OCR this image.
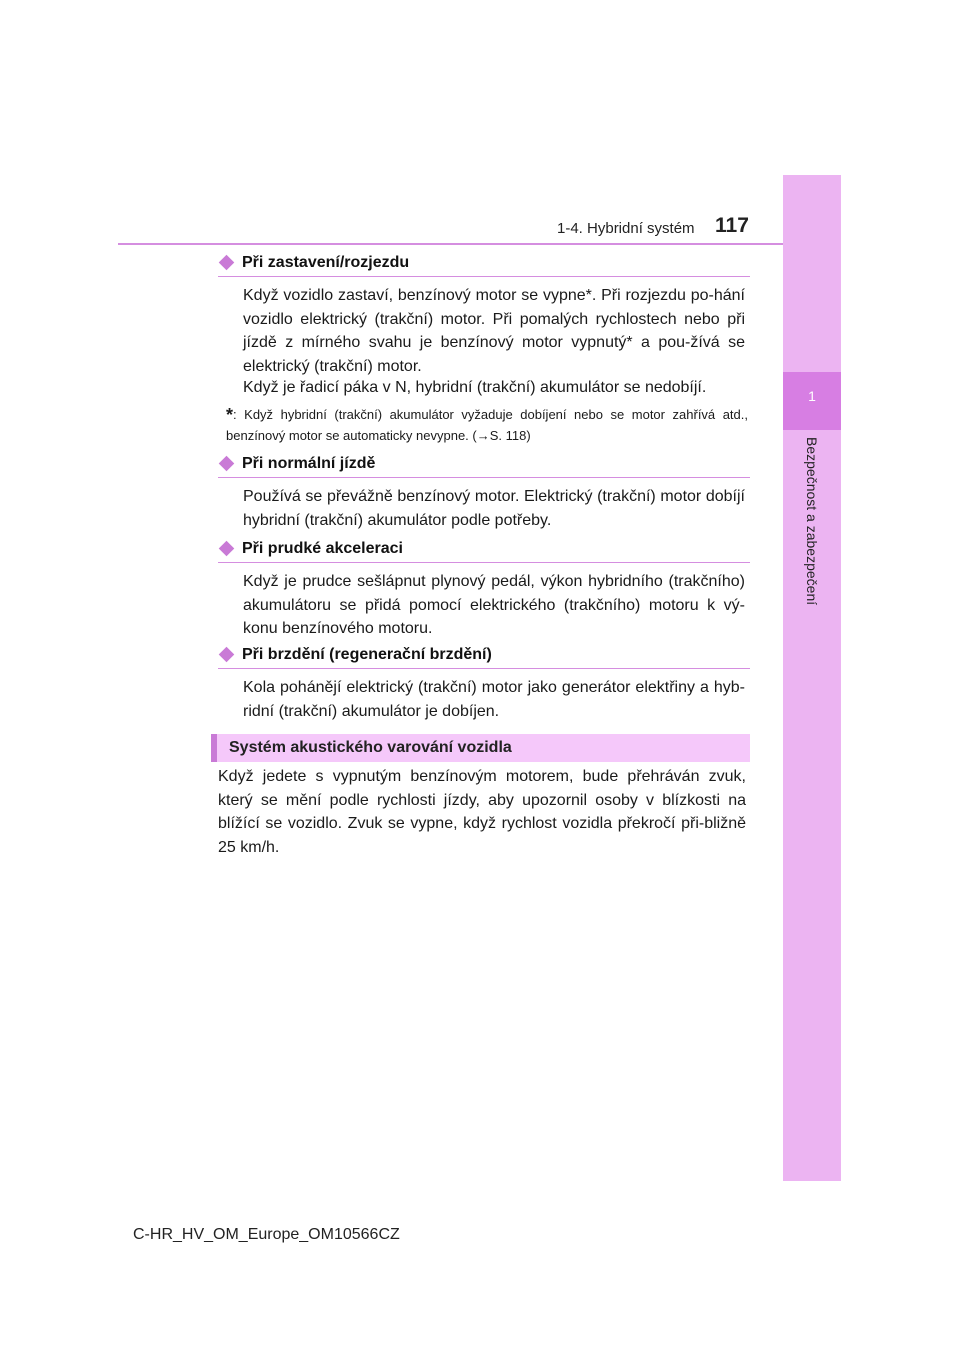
1-4. Hybridní systém 117
1
Bezpečnost a zabezpečení
Při zastavení/rozjezdu
Když vozidlo zastaví, benzínový motor se vypne*. Při rozjezdu po-hání vozidlo elektrický (trakční) motor. Při pomalých rychlostech nebo při jízdě z mírného svahu je benzínový motor vypnutý* a pou-žívá se elektrický (trakční) motor.
Když je řadicí páka v N, hybridní (trakční) akumulátor se nedobíjí.
*: Když hybridní (trakční) akumulátor vyžaduje dobíjení nebo se motor zahřívá atd., benzínový motor se automaticky nevypne. (→S. 118)
Při normální jízdě
Používá se převážně benzínový motor. Elektrický (trakční) motor dobíjí hybridní (trakční) akumulátor podle potřeby.
Při prudké akceleraci
Když je prudce sešlápnut plynový pedál, výkon hybridního (trakčního) akumulátoru se přidá pomocí elektrického (trakčního) motoru k vý-konu benzínového motoru.
Při brzdění (regenerační brzdění)
Kola pohánějí elektrický (trakční) motor jako generátor elektřiny a hyb-ridní (trakční) akumulátor je dobíjen.
Systém akustického varování vozidla
Když jedete s vypnutým benzínovým motorem, bude přehráván zvuk, který se mění podle rychlosti jízdy, aby upozornil osoby v blízkosti na blížící se vozidlo. Zvuk se vypne, když rychlost vozidla překročí při-bližně 25 km/h.
C-HR_HV_OM_Europe_OM10566CZ
